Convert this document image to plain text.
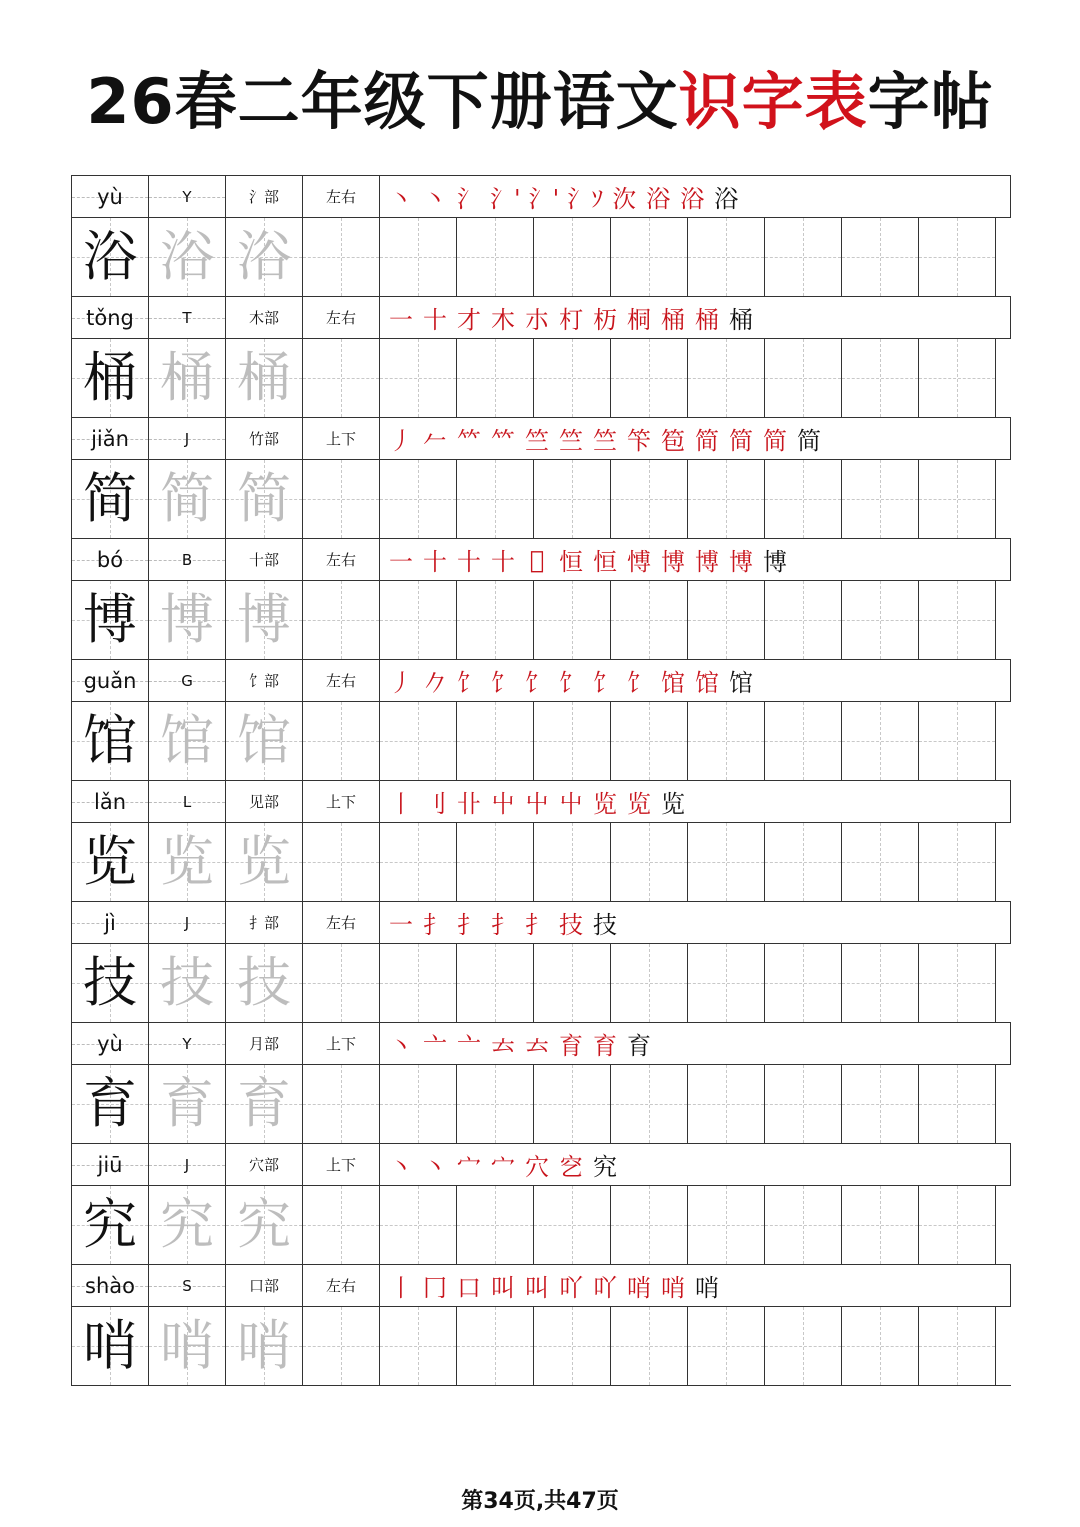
26春二年级下册语文识字表字帖
yù	Y	氵部	左右 丶 丶 氵 氵' 氵' 氵ｿ 㳄 浴 浴 浴
浴 浴 浴
tǒng	T	木部	左右 一 十 才 木 朩 朾 杤 桐 桶 桶 桶
桶 桶 桶
jiǎn	J	竹部	上下 丿 𠂉 𥫗 𥫗 竺 竺 竺 笇 笣 简 简 简 简
简 简 简
bó	B	十部	左右 一 十 十 十 𪩲 恒 恒 愽 博 博 博 博
博 博 博
guǎn	G	饣部	左右 丿 𠂊 饣 饣 饣 饣 饣 饣 馆 馆 馆
馆 馆 馆
lǎn	L	见部	上下 丨 刂 卝 屮 屮 屮 览 览 览
览 览 览
jì	J	扌部	左右 一 扌 扌 扌 扌 技 技
技 技 技
yù	Y	月部	上下 丶 亠 亠 𠫓 𠫓 育 育 育
育 育 育
jiū	J	穴部	上下 丶 丶 宀 宀 穴 穵 究
究 究 究
shào	S	口部	左右 丨 冂 口 叫 叫 吖 吖 哨 哨 哨
哨 哨 哨
第34页,共47页
